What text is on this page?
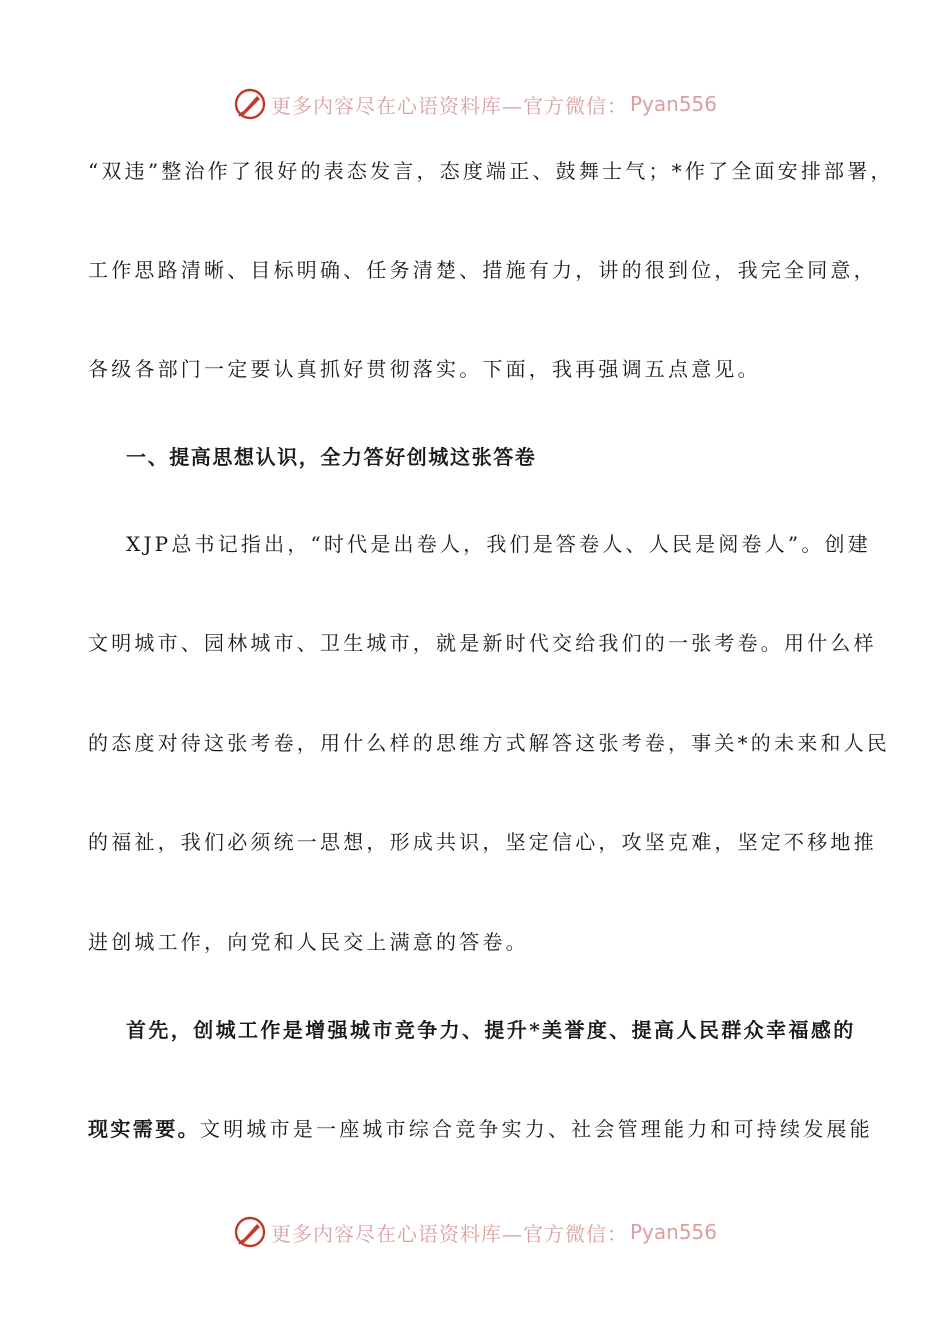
更多内容尽在心语资料库—官方微信： Pyan556
“双违”整治作了很好的表态发言，态度端正、鼓舞士气；*作了全面安排部署，
工作思路清晰、目标明确、任务清楚、措施有力，讲的很到位，我完全同意，
各级各部门一定要认真抓好贯彻落实。下面，我再强调五点意见。
一、提高思想认识，全力答好创城这张答卷
XJP总书记指出，“时代是出卷人，我们是答卷人、人民是阅卷人”。创建
文明城市、园林城市、卫生城市，就是新时代交给我们的一张考卷。用什么样
的态度对待这张考卷，用什么样的思维方式解答这张考卷，事关*的未来和人民
的福祉，我们必须统一思想，形成共识，坚定信心，攻坚克难，坚定不移地推
进创城工作，向党和人民交上满意的答卷。
首先，创城工作是增强城市竞争力、提升*美誉度、提高人民群众幸福感的
现实需要。文明城市是一座城市综合竞争实力、社会管理能力和可持续发展能
更多内容尽在心语资料库—官方微信： Pyan556
